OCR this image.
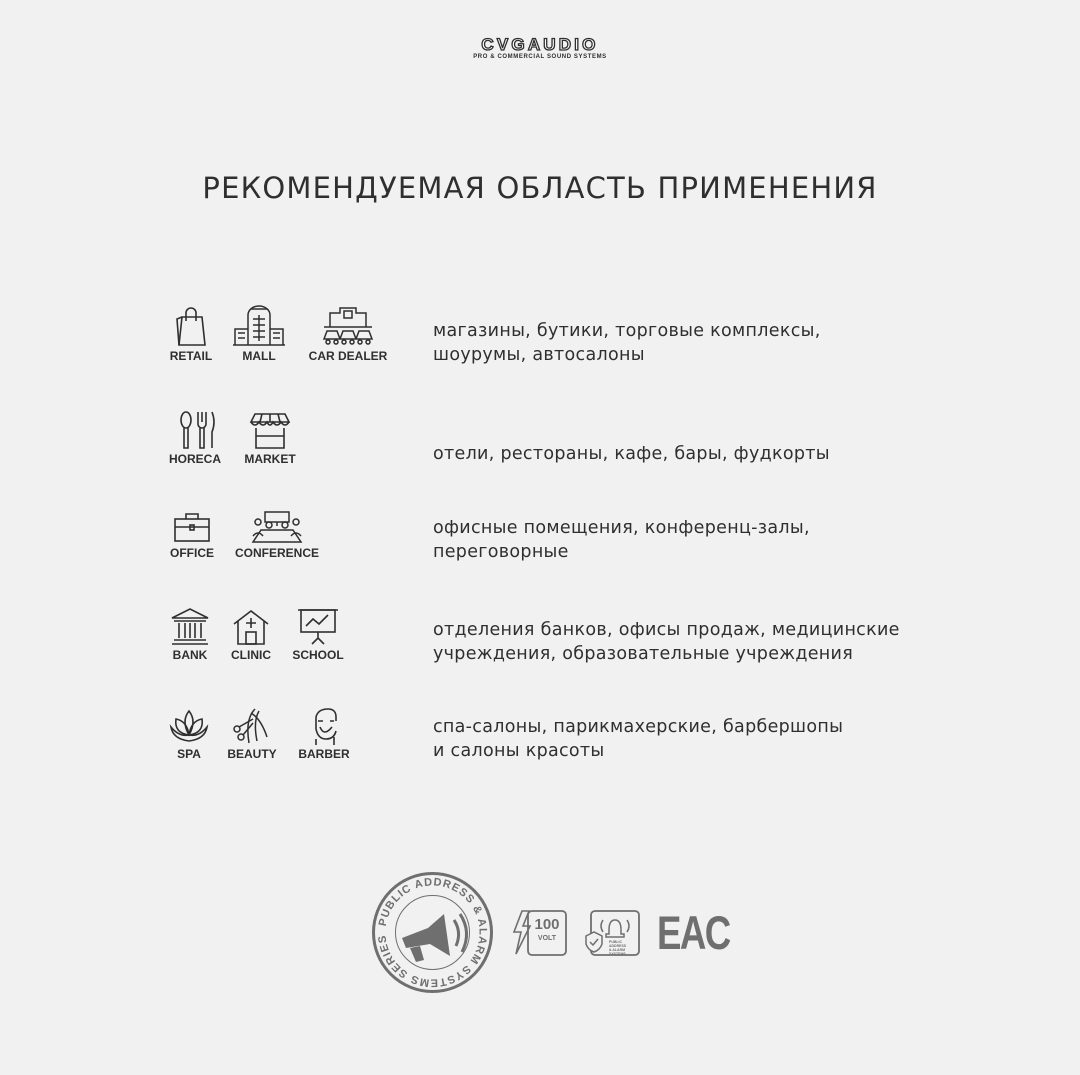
CVGAUDIO
PRO & COMMERCIAL SOUND SYSTEMS
РЕКОМЕНДУЕМАЯ ОБЛАСТЬ ПРИМЕНЕНИЯ
RETAIL	MALL	CAR DEALER
магазины, бутики, торговые комплексы,
шоурумы, автосалоны
HORECA	MARKET	отели, рестораны, кафе, бары, фудкорты
OFFICE	CONFERENCE
офисные помещения, конференц-залы,
переговорные
BANK	CLINIC	SCHOOL
отделения банков, офисы продаж, медицинские
учреждения, образовательные учреждения
SPA	BEAUTY	BARBER
спа-салоны, парикмахерские, барбершопы
и салоны красоты
PUBLIC ADDRESS & ALARM SYSTEMS SERIES
100
VOLT	PUBLIC ADDRESS
& ALARM SYSTEMS EAC
